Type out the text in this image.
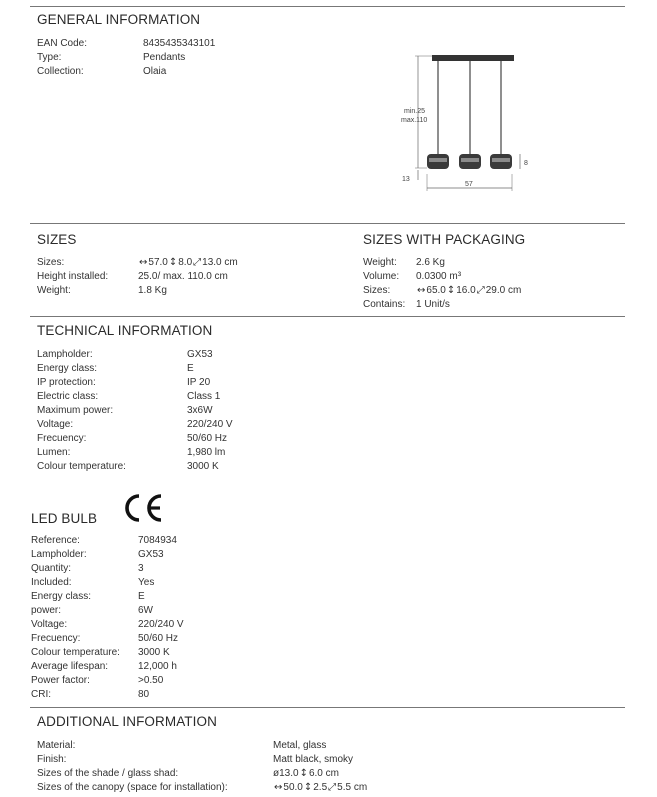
GENERAL INFORMATION
EAN Code:	8435435343101
Type:	Pendants
Collection:	Olaia
min.25
max.110
13
8
57
SIZES
Sizes:	↔ 57.0 ↕ 8.0 ⤢ 13.0 cm
Height installed:	25.0/ max. 110.0 cm
Weight:	1.8 Kg
SIZES WITH PACKAGING
Weight:	2.6 Kg
Volume:	0.0300 m³
Sizes:	↔ 65.0 ↕ 16.0 ⤢ 29.0 cm
Contains:	1 Unit/s
TECHNICAL INFORMATION
Lampholder:	GX53
Energy class:	E
IP protection:	IP 20
Electric class:	Class 1
Maximum power:	3x6W
Voltage:	220/240 V
Frecuency:	50/60 Hz
Lumen:	1,980 lm
Colour temperature:	3000 K
LED BULB
Reference:	7084934
Lampholder:	GX53
Quantity:	3
Included:	Yes
Energy class:	E
power:	6W
Voltage:	220/240 V
Frecuency:	50/60 Hz
Colour temperature:	3000 K
Average lifespan:	12,000 h
Power factor:	>0.50
CRI:	80
ADDITIONAL INFORMATION
Material:	Metal, glass
Finish:	Matt black, smoky
Sizes of the shade / glass shad:	ø13.0 ↕ 6.0 cm
Sizes of the canopy (space for installation):	↔ 50.0 ↕ 2.5 ⤢ 5.5 cm
